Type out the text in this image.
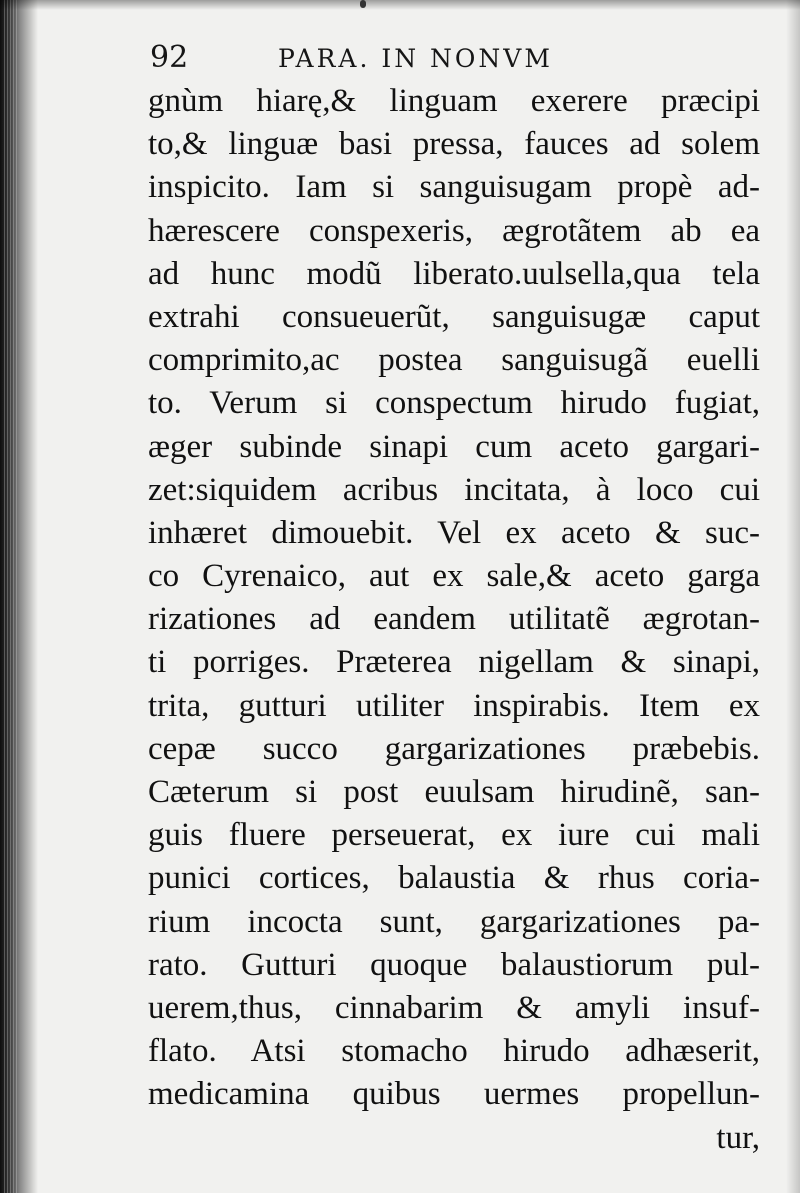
92	PARA. IN NONVM
gnùm hiarę,& linguam exerere præcipi
to,& linguæ basi pressa, fauces ad solem
inspicito. Iam si sanguisugam propè ad-
hærescere conspexeris, ægrotãtem ab ea
ad hunc modũ liberato.uulsella,qua tela
extrahi consueuerũt, sanguisugæ caput
comprimito,ac postea sanguisugã euelli
to. Verum si conspectum hirudo fugiat,
æger subinde sinapi cum aceto gargari-
zet:siquidem acribus incitata, à loco cui
inhæret dimouebit. Vel ex aceto & suc-
co Cyrenaico, aut ex sale,& aceto garga
rizationes ad eandem utilitatẽ ægrotan-
ti porriges. Præterea nigellam & sinapi,
trita, gutturi utiliter inspirabis. Item ex
cepæ succo gargarizationes præbebis.
Cæterum si post euulsam hirudinẽ, san-
guis fluere perseuerat, ex iure cui mali
punici cortices, balaustia & rhus coria-
rium incocta sunt, gargarizationes pa-
rato. Gutturi quoque balaustiorum pul-
uerem,thus, cinnabarim & amyli insuf-
flato. Atsi stomacho hirudo adhæserit,
medicamina quibus uermes propellun-
tur,
